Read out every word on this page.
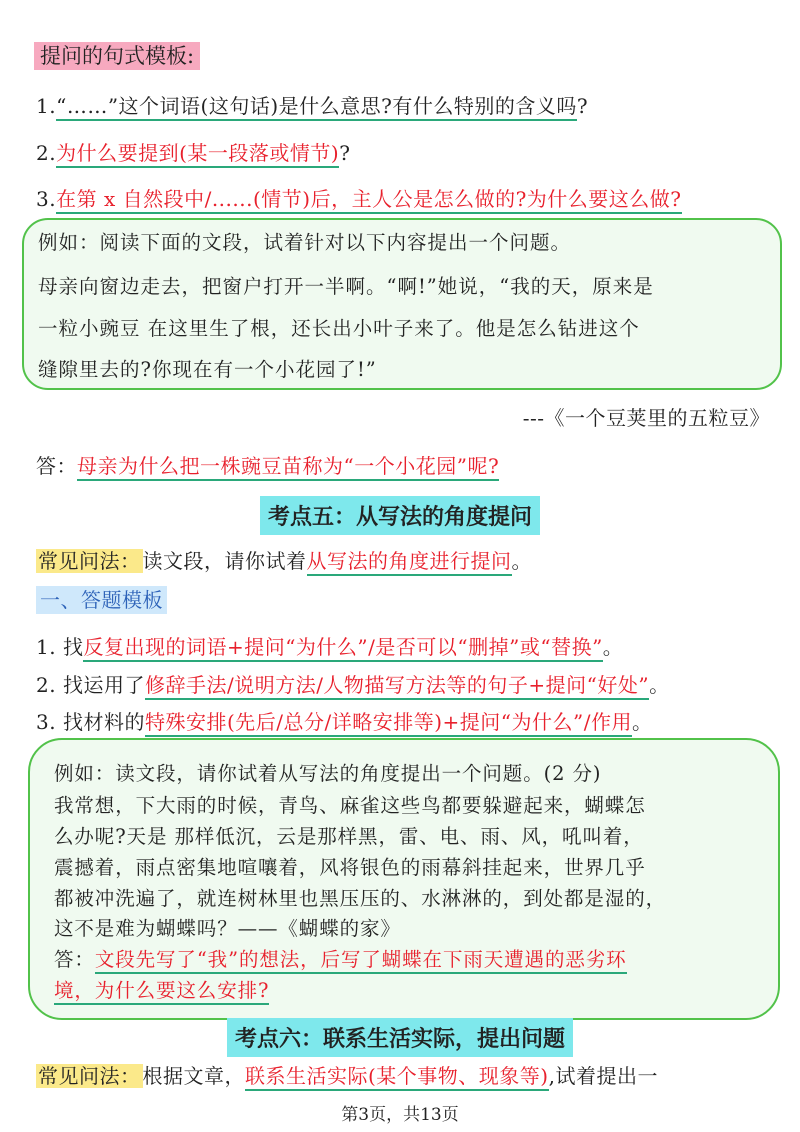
提问的句式模板:
1.“……”这个词语(这句话)是什么意思?有什么特别的含义吗?
2.为什么要提到(某一段落或情节)?
3.在第 x 自然段中/......(情节)后，主人公是怎么做的?为什么要这么做?
例如：阅读下面的文段，试着针对以下内容提出一个问题。
母亲向窗边走去，把窗户打开一半啊。“啊!”她说，“我的天，原来是
一粒小豌豆 在这里生了根，还长出小叶子来了。他是怎么钻进这个
缝隙里去的?你现在有一个小花园了!”
---《一个豆荚里的五粒豆》
答：母亲为什么把一株豌豆苗称为“一个小花园”呢?
考点五：从写法的角度提问
常见问法： 读文段，请你试着从写法的角度进行提问。
一、答题模板
1. 找反复出现的词语+提问“为什么”/是否可以“删掉”或“替换”。
2. 找运用了修辞手法/说明方法/人物描写方法等的句子+提问“好处”。
3. 找材料的特殊安排(先后/总分/详略安排等)+提问“为什么”/作用。
例如：读文段，请你试着从写法的角度提出一个问题。(2 分)
我常想，下大雨的时候，青鸟、麻雀这些鸟都要躲避起来，蝴蝶怎
么办呢?天是 那样低沉，云是那样黑，雷、电、雨、风，吼叫着，
震撼着，雨点密集地喧嚷着，风将银色的雨幕斜挂起来，世界几乎
都被冲洗遍了，就连树林里也黑压压的、水淋淋的，到处都是湿的，
这不是难为蝴蝶吗？——《蝴蝶的家》
答：文段先写了“我”的想法，后写了蝴蝶在下雨天遭遇的恶劣环
境，为什么要这么安排?
考点六：联系生活实际，提出问题
常见问法： 根据文章，联系生活实际(某个事物、现象等),试着提出一
第3页，共13页
